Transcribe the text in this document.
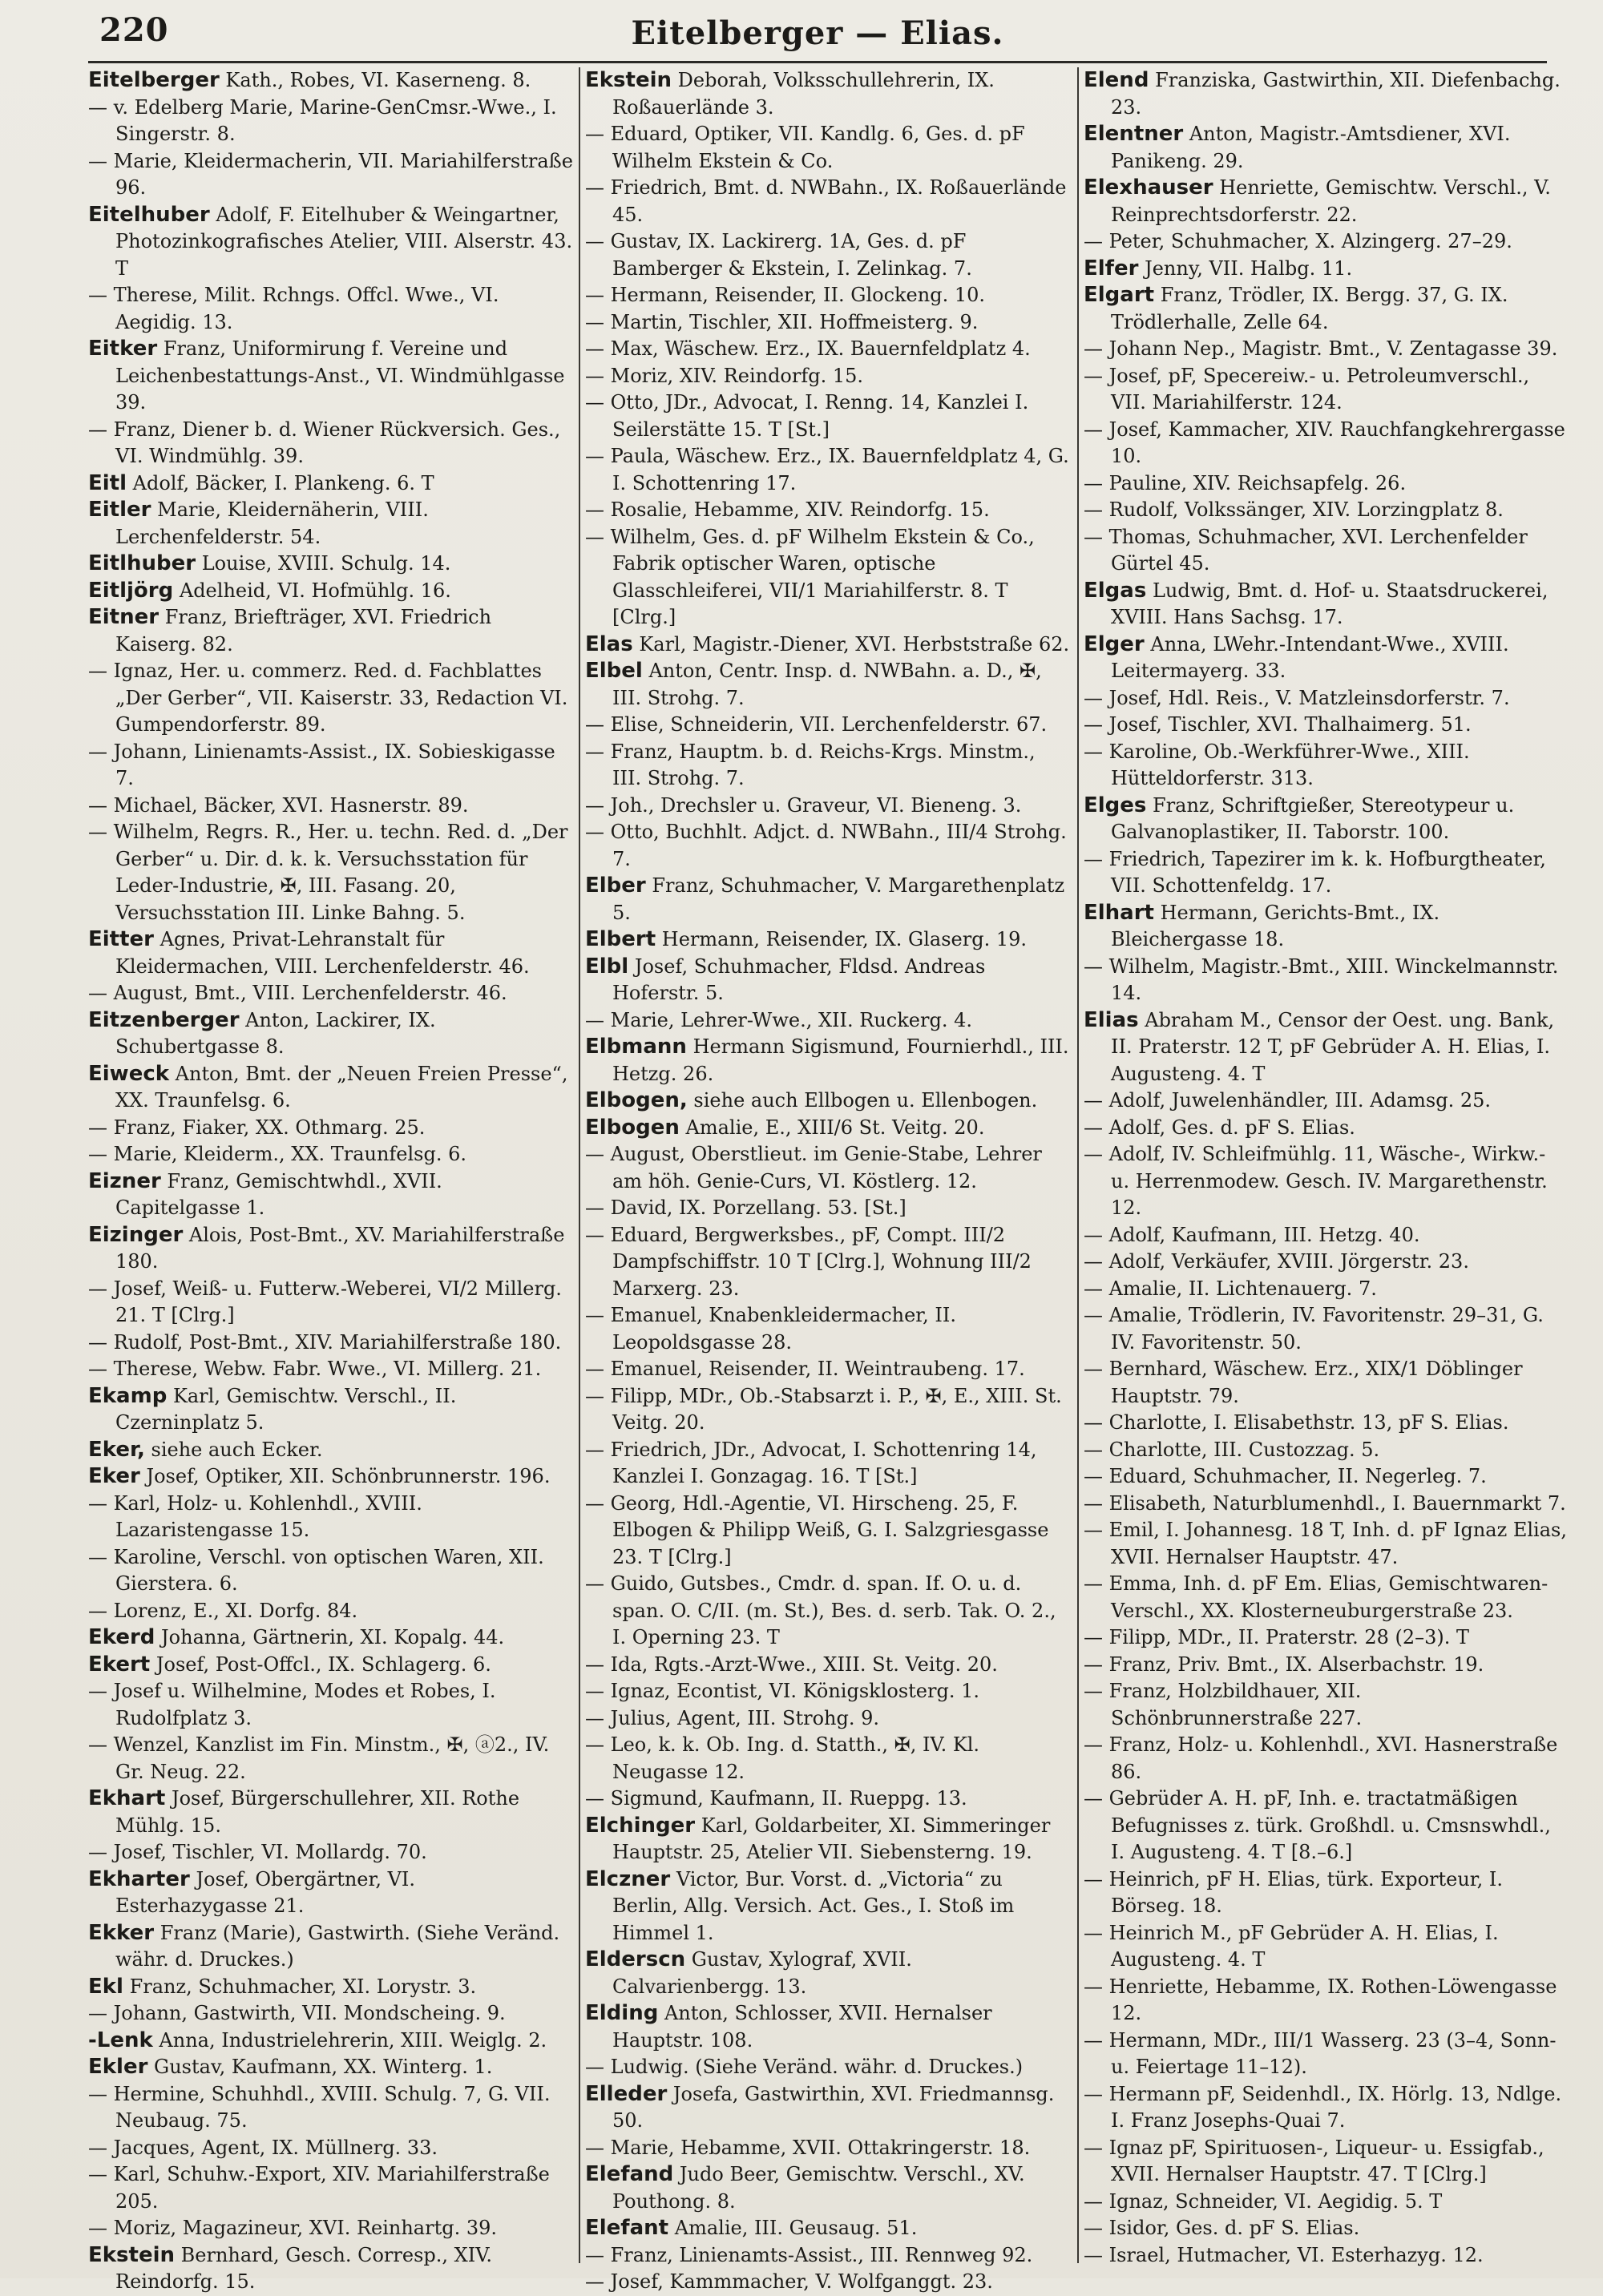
220	Eitelberger — Elias.
Eitelberger Kath., Robes, VI. Kaserneng. 8.
— v. Edelberg Marie, Marine-GenCmsr.-Wwe., I. Singerstr. 8.
— Marie, Kleidermacherin, VII. Mariahilferstraße 96.
Eitelhuber Adolf, F. Eitelhuber & Weingartner, Photozinkografisches Atelier, VIII. Alserstr. 43. T
— Therese, Milit. Rchngs. Offcl. Wwe., VI. Aegidig. 13.
Eitker Franz, Uniformirung f. Vereine und Leichenbestattungs-Anst., VI. Windmühlgasse 39.
— Franz, Diener b. d. Wiener Rückversich. Ges., VI. Windmühlg. 39.
Eitl Adolf, Bäcker, I. Plankeng. 6. T
Eitler Marie, Kleidernäherin, VIII. Lerchenfelderstr. 54.
Eitlhuber Louise, XVIII. Schulg. 14.
Eitljörg Adelheid, VI. Hofmühlg. 16.
Eitner Franz, Briefträger, XVI. Friedrich Kaiserg. 82.
— Ignaz, Her. u. commerz. Red. d. Fachblattes „Der Gerber“, VII. Kaiserstr. 33, Redaction VI. Gumpendorferstr. 89.
— Johann, Linienamts-Assist., IX. Sobieskigasse 7.
— Michael, Bäcker, XVI. Hasnerstr. 89.
— Wilhelm, Regrs. R., Her. u. techn. Red. d. „Der Gerber“ u. Dir. d. k. k. Versuchsstation für Leder-Industrie, ✠, III. Fasang. 20, Versuchsstation III. Linke Bahng. 5.
Eitter Agnes, Privat-Lehranstalt für Kleidermachen, VIII. Lerchenfelderstr. 46.
— August, Bmt., VIII. Lerchenfelderstr. 46.
Eitzenberger Anton, Lackirer, IX. Schubertgasse 8.
Eiweck Anton, Bmt. der „Neuen Freien Presse“, XX. Traunfelsg. 6.
— Franz, Fiaker, XX. Othmarg. 25.
— Marie, Kleiderm., XX. Traunfelsg. 6.
Eizner Franz, Gemischtwhdl., XVII. Capitelgasse 1.
Eizinger Alois, Post-Bmt., XV. Mariahilferstraße 180.
— Josef, Weiß- u. Futterw.-Weberei, VI/2 Millerg. 21. T [Clrg.]
— Rudolf, Post-Bmt., XIV. Mariahilferstraße 180.
— Therese, Webw. Fabr. Wwe., VI. Millerg. 21.
Ekamp Karl, Gemischtw. Verschl., II. Czerninplatz 5.
Eker, siehe auch Ecker.
Eker Josef, Optiker, XII. Schönbrunnerstr. 196.
— Karl, Holz- u. Kohlenhdl., XVIII. Lazaristengasse 15.
— Karoline, Verschl. von optischen Waren, XII. Gierstera. 6.
— Lorenz, E., XI. Dorfg. 84.
Ekerd Johanna, Gärtnerin, XI. Kopalg. 44.
Ekert Josef, Post-Offcl., IX. Schlagerg. 6.
— Josef u. Wilhelmine, Modes et Robes, I. Rudolfplatz 3.
— Wenzel, Kanzlist im Fin. Minstm., ✠, ⓐ2., IV. Gr. Neug. 22.
Ekhart Josef, Bürgerschullehrer, XII. Rothe Mühlg. 15.
— Josef, Tischler, VI. Mollardg. 70.
Ekharter Josef, Obergärtner, VI. Esterhazygasse 21.
Ekker Franz (Marie), Gastwirth. (Siehe Veränd. währ. d. Druckes.)
Ekl Franz, Schuhmacher, XI. Lorystr. 3.
— Johann, Gastwirth, VII. Mondscheing. 9.
-Lenk Anna, Industrielehrerin, XIII. Weiglg. 2.
Ekler Gustav, Kaufmann, XX. Winterg. 1.
— Hermine, Schuhhdl., XVIII. Schulg. 7, G. VII. Neubaug. 75.
— Jacques, Agent, IX. Müllnerg. 33.
— Karl, Schuhw.-Export, XIV. Mariahilferstraße 205.
— Moriz, Magazineur, XVI. Reinhartg. 39.
Ekstein Bernhard, Gesch. Corresp., XIV. Reindorfg. 15.
Ekstein Deborah, Volksschullehrerin, IX. Roßauerlände 3.
— Eduard, Optiker, VII. Kandlg. 6, Ges. d. pF Wilhelm Ekstein & Co.
— Friedrich, Bmt. d. NWBahn., IX. Roßauerlände 45.
— Gustav, IX. Lackirerg. 1A, Ges. d. pF Bamberger & Ekstein, I. Zelinkag. 7.
— Hermann, Reisender, II. Glockeng. 10.
— Martin, Tischler, XII. Hoffmeisterg. 9.
— Max, Wäschew. Erz., IX. Bauernfeldplatz 4.
— Moriz, XIV. Reindorfg. 15.
— Otto, JDr., Advocat, I. Renng. 14, Kanzlei I. Seilerstätte 15. T [St.]
— Paula, Wäschew. Erz., IX. Bauernfeldplatz 4, G. I. Schottenring 17.
— Rosalie, Hebamme, XIV. Reindorfg. 15.
— Wilhelm, Ges. d. pF Wilhelm Ekstein & Co., Fabrik optischer Waren, optische Glasschleiferei, VII/1 Mariahilferstr. 8. T [Clrg.]
Elas Karl, Magistr.-Diener, XVI. Herbststraße 62.
Elbel Anton, Centr. Insp. d. NWBahn. a. D., ✠, III. Strohg. 7.
— Elise, Schneiderin, VII. Lerchenfelderstr. 67.
— Franz, Hauptm. b. d. Reichs-Krgs. Minstm., III. Strohg. 7.
— Joh., Drechsler u. Graveur, VI. Bieneng. 3.
— Otto, Buchhlt. Adjct. d. NWBahn., III/4 Strohg. 7.
Elber Franz, Schuhmacher, V. Margarethenplatz 5.
Elbert Hermann, Reisender, IX. Glaserg. 19.
Elbl Josef, Schuhmacher, Fldsd. Andreas Hoferstr. 5.
— Marie, Lehrer-Wwe., XII. Ruckerg. 4.
Elbmann Hermann Sigismund, Fournierhdl., III. Hetzg. 26.
Elbogen, siehe auch Ellbogen u. Ellenbogen.
Elbogen Amalie, E., XIII/6 St. Veitg. 20.
— August, Oberstlieut. im Genie-Stabe, Lehrer am höh. Genie-Curs, VI. Köstlerg. 12.
— David, IX. Porzellang. 53. [St.]
— Eduard, Bergwerksbes., pF, Compt. III/2 Dampfschiffstr. 10 T [Clrg.], Wohnung III/2 Marxerg. 23.
— Emanuel, Knabenkleidermacher, II. Leopoldsgasse 28.
— Emanuel, Reisender, II. Weintraubeng. 17.
— Filipp, MDr., Ob.-Stabsarzt i. P., ✠, E., XIII. St. Veitg. 20.
— Friedrich, JDr., Advocat, I. Schottenring 14, Kanzlei I. Gonzagag. 16. T [St.]
— Georg, Hdl.-Agentie, VI. Hirscheng. 25, F. Elbogen & Philipp Weiß, G. I. Salzgriesgasse 23. T [Clrg.]
— Guido, Gutsbes., Cmdr. d. span. If. O. u. d. span. O. C/II. (m. St.), Bes. d. serb. Tak. O. 2., I. Operning 23. T
— Ida, Rgts.-Arzt-Wwe., XIII. St. Veitg. 20.
— Ignaz, Econtist, VI. Königsklosterg. 1.
— Julius, Agent, III. Strohg. 9.
— Leo, k. k. Ob. Ing. d. Statth., ✠, IV. Kl. Neugasse 12.
— Sigmund, Kaufmann, II. Rueppg. 13.
Elchinger Karl, Goldarbeiter, XI. Simmeringer Hauptstr. 25, Atelier VII. Siebensterng. 19.
Elczner Victor, Bur. Vorst. d. „Victoria“ zu Berlin, Allg. Versich. Act. Ges., I. Stoß im Himmel 1.
Elderscn Gustav, Xylograf, XVII. Calvarienbergg. 13.
Elding Anton, Schlosser, XVII. Hernalser Hauptstr. 108.
— Ludwig. (Siehe Veränd. währ. d. Druckes.)
Elleder Josefa, Gastwirthin, XVI. Friedmannsg. 50.
— Marie, Hebamme, XVII. Ottakringerstr. 18.
Elefand Judo Beer, Gemischtw. Verschl., XV. Pouthong. 8.
Elefant Amalie, III. Geusaug. 51.
— Franz, Linienamts-Assist., III. Rennweg 92.
— Josef, Kammmacher, V. Wolfganggt. 23.
Elend Franziska, Gastwirthin, XII. Diefenbachg. 23.
Elentner Anton, Magistr.-Amtsdiener, XVI. Panikeng. 29.
Elexhauser Henriette, Gemischtw. Verschl., V. Reinprechtsdorferstr. 22.
— Peter, Schuhmacher, X. Alzingerg. 27–29.
Elfer Jenny, VII. Halbg. 11.
Elgart Franz, Trödler, IX. Bergg. 37, G. IX. Trödlerhalle, Zelle 64.
— Johann Nep., Magistr. Bmt., V. Zentagasse 39.
— Josef, pF, Specereiw.- u. Petroleumverschl., VII. Mariahilferstr. 124.
— Josef, Kammacher, XIV. Rauchfangkehrergasse 10.
— Pauline, XIV. Reichsapfelg. 26.
— Rudolf, Volkssänger, XIV. Lorzingplatz 8.
— Thomas, Schuhmacher, XVI. Lerchenfelder Gürtel 45.
Elgas Ludwig, Bmt. d. Hof- u. Staatsdruckerei, XVIII. Hans Sachsg. 17.
Elger Anna, LWehr.-Intendant-Wwe., XVIII. Leitermayerg. 33.
— Josef, Hdl. Reis., V. Matzleinsdorferstr. 7.
— Josef, Tischler, XVI. Thalhaimerg. 51.
— Karoline, Ob.-Werkführer-Wwe., XIII. Hütteldorferstr. 313.
Elges Franz, Schriftgießer, Stereotypeur u. Galvanoplastiker, II. Taborstr. 100.
— Friedrich, Tapezirer im k. k. Hofburgtheater, VII. Schottenfeldg. 17.
Elhart Hermann, Gerichts-Bmt., IX. Bleichergasse 18.
— Wilhelm, Magistr.-Bmt., XIII. Winckelmannstr. 14.
Elias Abraham M., Censor der Oest. ung. Bank, II. Praterstr. 12 T, pF Gebrüder A. H. Elias, I. Augusteng. 4. T
— Adolf, Juwelenhändler, III. Adamsg. 25.
— Adolf, Ges. d. pF S. Elias.
— Adolf, IV. Schleifmühlg. 11, Wäsche-, Wirkw.- u. Herrenmodew. Gesch. IV. Margarethenstr. 12.
— Adolf, Kaufmann, III. Hetzg. 40.
— Adolf, Verkäufer, XVIII. Jörgerstr. 23.
— Amalie, II. Lichtenauerg. 7.
— Amalie, Trödlerin, IV. Favoritenstr. 29–31, G. IV. Favoritenstr. 50.
— Bernhard, Wäschew. Erz., XIX/1 Döblinger Hauptstr. 79.
— Charlotte, I. Elisabethstr. 13, pF S. Elias.
— Charlotte, III. Custozzag. 5.
— Eduard, Schuhmacher, II. Negerleg. 7.
— Elisabeth, Naturblumenhdl., I. Bauernmarkt 7.
— Emil, I. Johannesg. 18 T, Inh. d. pF Ignaz Elias, XVII. Hernalser Hauptstr. 47.
— Emma, Inh. d. pF Em. Elias, Gemischtwaren-Verschl., XX. Klosterneuburgerstraße 23.
— Filipp, MDr., II. Praterstr. 28 (2–3). T
— Franz, Priv. Bmt., IX. Alserbachstr. 19.
— Franz, Holzbildhauer, XII. Schönbrunnerstraße 227.
— Franz, Holz- u. Kohlenhdl., XVI. Hasnerstraße 86.
— Gebrüder A. H. pF, Inh. e. tractatmäßigen Befugnisses z. türk. Großhdl. u. Cmsnswhdl., I. Augusteng. 4. T [8.–6.]
— Heinrich, pF H. Elias, türk. Exporteur, I. Börseg. 18.
— Heinrich M., pF Gebrüder A. H. Elias, I. Augusteng. 4. T
— Henriette, Hebamme, IX. Rothen-Löwengasse 12.
— Hermann, MDr., III/1 Wasserg. 23 (3–4, Sonn- u. Feiertage 11–12).
— Hermann pF, Seidenhdl., IX. Hörlg. 13, Ndlge. I. Franz Josephs-Quai 7.
— Ignaz pF, Spirituosen-, Liqueur- u. Essigfab., XVII. Hernalser Hauptstr. 47. T [Clrg.]
— Ignaz, Schneider, VI. Aegidig. 5. T
— Isidor, Ges. d. pF S. Elias.
— Israel, Hutmacher, VI. Esterhazyg. 12.
